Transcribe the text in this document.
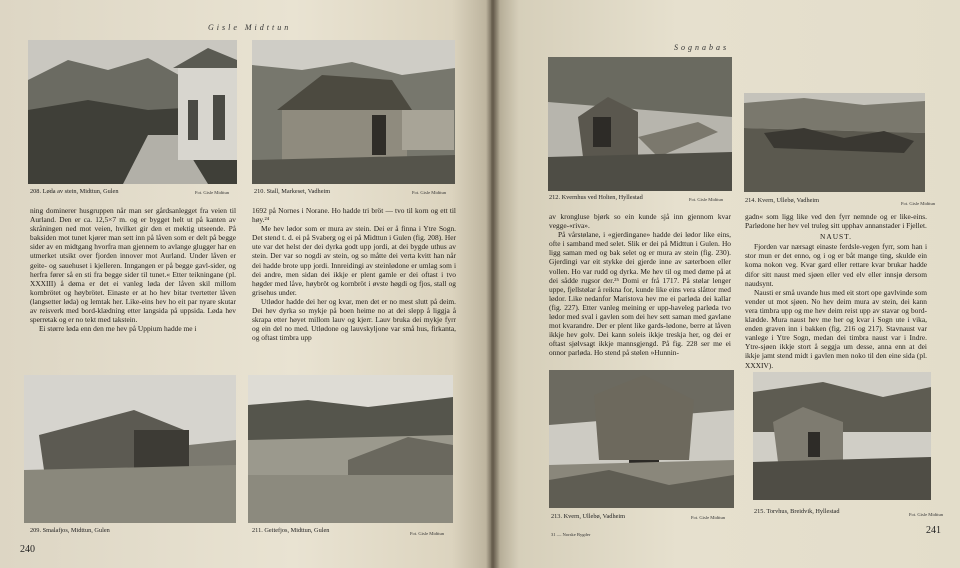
Gisle Midttun
208. Løda av stein, Midttun, Gulen	Fot. Gisle Midttun	210. Stall, Markeset, Vadheim	Fot. Gisle Midttun

ning dominerer husgruppen når man ser gårdsanlegget fra veien til Aurland. Den er ca. 12,5×7 m. og er bygget helt ut på kanten av skråningen ned mot veien, hvilket gir den et mektig utseende. På baksiden mot tunet kjører man sett inn på låven som er delt på begge sider av en midtgang hvorfra man gjennem to avlange glugger har en utmerket utsikt over fjorden innover mot Aurland. Under låven er geite- og sauehuset i kjelleren. Inngangen er på begge gavl-sider, og herfra fører så en sti fra begge sider til tunet.« Etter teikningane (pl. XXXIII) å døma er det ei vanleg løda der låven skil millom kornbrötet og høybrötet. Einaste er at ho hev bitar tvertetter låven (langsetter løda) og lemtak her. Like-eins hev ho eit par nyare skutar av reisverk med bord-klædning etter langsida på uppsida. Løda hev sperretak og er no tekt med takstein.

Ei større løda enn den me hev på Uppium hadde me i

1692 på Nornes i Norane. Ho hadde tri bröt — tvo til korn og ett til høy.²⁴

Me hev lødor som er mura av stein. Dei er å finna i Ytre Sogn. Det stend t. d. ei på Svaberg og ei på Midttun i Gulen (fig. 208). Her ute var det helst der dei dyrka godt upp jordi, at dei bygde uthus av stein. Der var so nogdi av stein, og so måtte dei verta kvitt han når dei hadde brote upp jordi. Innreidingi av steinlødone er umlag som i dei andre, men sidan dei ikkje er plent gamle er dei oftast i tvo høgder med låve, høybröt og kornbröt i øvste høgdi og fjos, stall og grisehus under.

Utlødor hadde dei her og kvar, men det er no mest slutt på deim. Dei hev dyrka so mykje på boen heime no at dei slepp å liggja å skrapa etter høyet millom lauv og kjerr. Lauv bruka dei mykje fyrr og ein del no med. Utlødone og lauvskyljone var små hus, firkanta, og oftast timbra upp

209. Smalafjos, Midttun, Gulen	211. Geitefjos, Midttun, Gulen	Fot. Gisle Midttun
240
Sognabas
212. Kvernhus ved Holten, Hyllestad	Fot. Gisle Midttun	214. Kvern, Ullebø, Vadheim	Fot. Gisle Midttun

av krongluse bjørk so ein kunde sjå inn gjennom kvar vegge-«riva».

På vårstølane, i «gjerdingane» hadde dei lødor like eins, ofte i samband med selet. Slik er dei på Midttun i Gulen. Ho ligg saman med og bak selet og er mura av stein (fig. 230). Gjerdingi var eit stykke dei gjerde inne av sæterboen eller vollen. Ho var rudd og dyrka. Me hev til og med døme på at dei sådde rugsor der.²⁵ Domi er frå 1717. På stølar lenger uppe, fjellstølar å reikna for, kunde like eins vera slåttor med lødor. Like nedanfor Maristova hev me ei parløda dei kallar (fig. 227). Etter vanleg meining er upp-haveleg parløda tvo lødor med sval i gavlen som dei hev sett saman med gavlane mot kvarandre. Der er plent like gards-lødone, berre at låven ikkje hev golv. Dei kann soleis ikkje treskja her, og dei er oftast sjølvsagt ikkje mannsgjengd. På fig. 228 ser me ei onnor parløda. Ho stend på stølen »Hunnin-

gadn« som ligg like ved den fyrr nemnde og er like-eins. Parlødone her hev vel truleg sitt upphav annanstader i Fjellet.

NAUST.

Fjorden var nærsagt einaste ferdsle-vegen fyrr, som han i stor mun er det enno, og i og er båt mange ting, skulde ein koma nokon veg. Kvar gard eller rettare kvar brukar hadde difor sitt naust med sjøen eller ved elv eller innsjø dersom naudsynt.

Nausti er små uvande hus med eit stort ope gavlvinde som vender ut mot sjøen. No hev deim mura av stein, dei kann vera timbra upp og me hev deim reist upp av stavar og bord-klædde. Mura naust hev me her og kvar i Sogn ute i vika, enden graven inn i bakken (fig. 216 og 217). Stavnaust var vanlege i Ytre Sogn, medan dei timbra naust var i Indre. Ytre-sjøen ikkje stort å seggja um desse, anna enn at dei ikkje jamt stend midt i gavlen men noko til den eine sida (pl. XXXIV).

213. Kvern, Ullebø, Vadheim	Fot. Gisle Midttun
215. Torvhus, Breidvik, Hyllestad	Fot. Gisle Midttun
31 — Norske Bygder	241
